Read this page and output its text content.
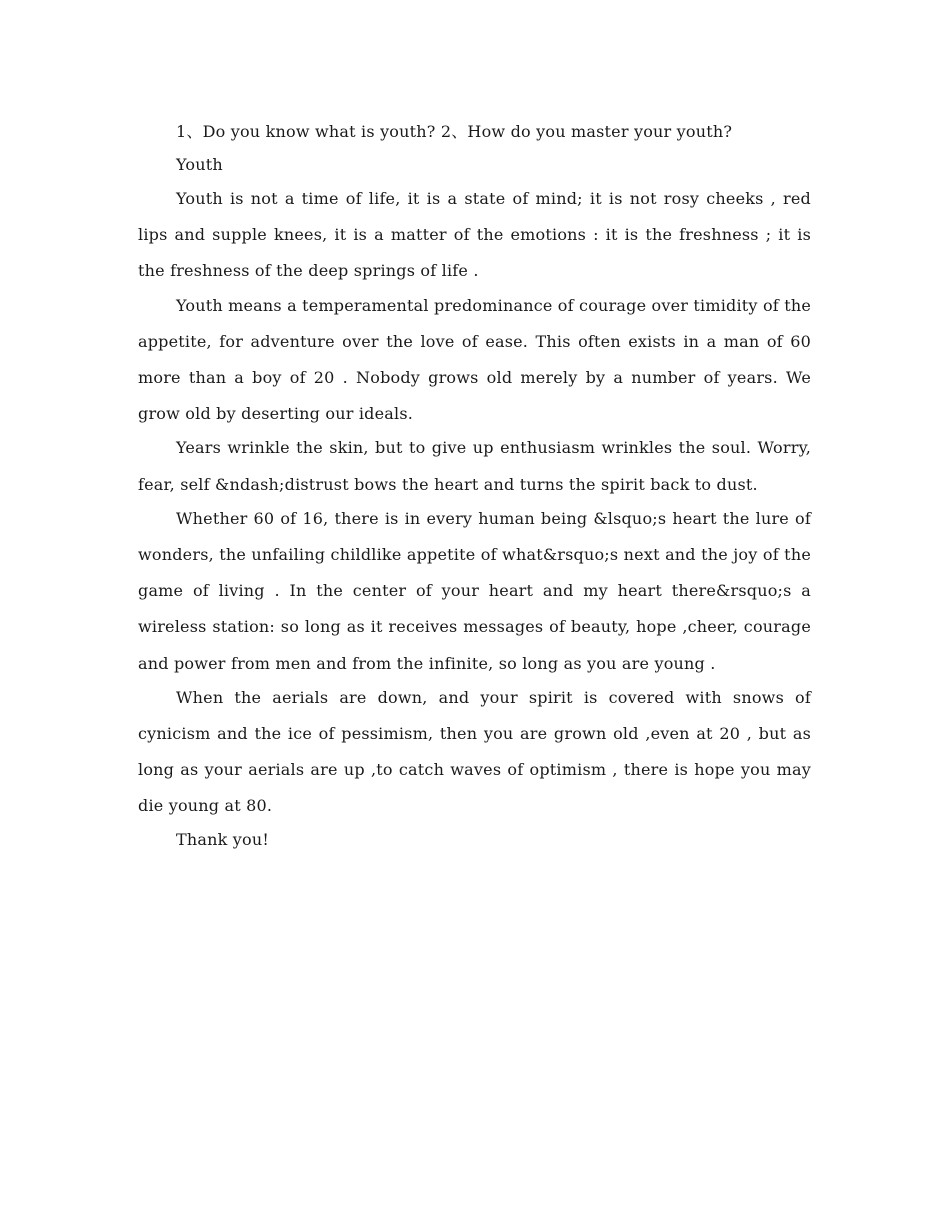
1、Do you know what is youth? 2、How do you master your youth?
Youth

Youth is not a time of life, it is a state of mind; it is not rosy cheeks , red lips and supple knees, it is a matter of the emotions : it is the freshness ; it is the freshness of the deep springs of life .

Youth means a temperamental predominance of courage over timidity of the appetite, for adventure over the love of ease. This often exists in a man of 60 more than a boy of 20 . Nobody grows old merely by a number of years. We grow old by deserting our ideals.

Years wrinkle the skin, but to give up enthusiasm wrinkles the soul. Worry, fear, self &ndash;distrust bows the heart and turns the spirit back to dust.

Whether 60 of 16, there is in every human being &lsquo;s heart the lure of wonders, the unfailing childlike appetite of what&rsquo;s next and the joy of the game of living . In the center of your heart and my heart there&rsquo;s a wireless station: so long as it receives messages of beauty, hope ,cheer, courage and power from men and from the infinite, so long as you are young .

When the aerials are down, and your spirit is covered with snows of cynicism and the ice of pessimism, then you are grown old ,even at 20 , but as long as your aerials are up ,to catch waves of optimism , there is hope you may die young at 80.

Thank you!
